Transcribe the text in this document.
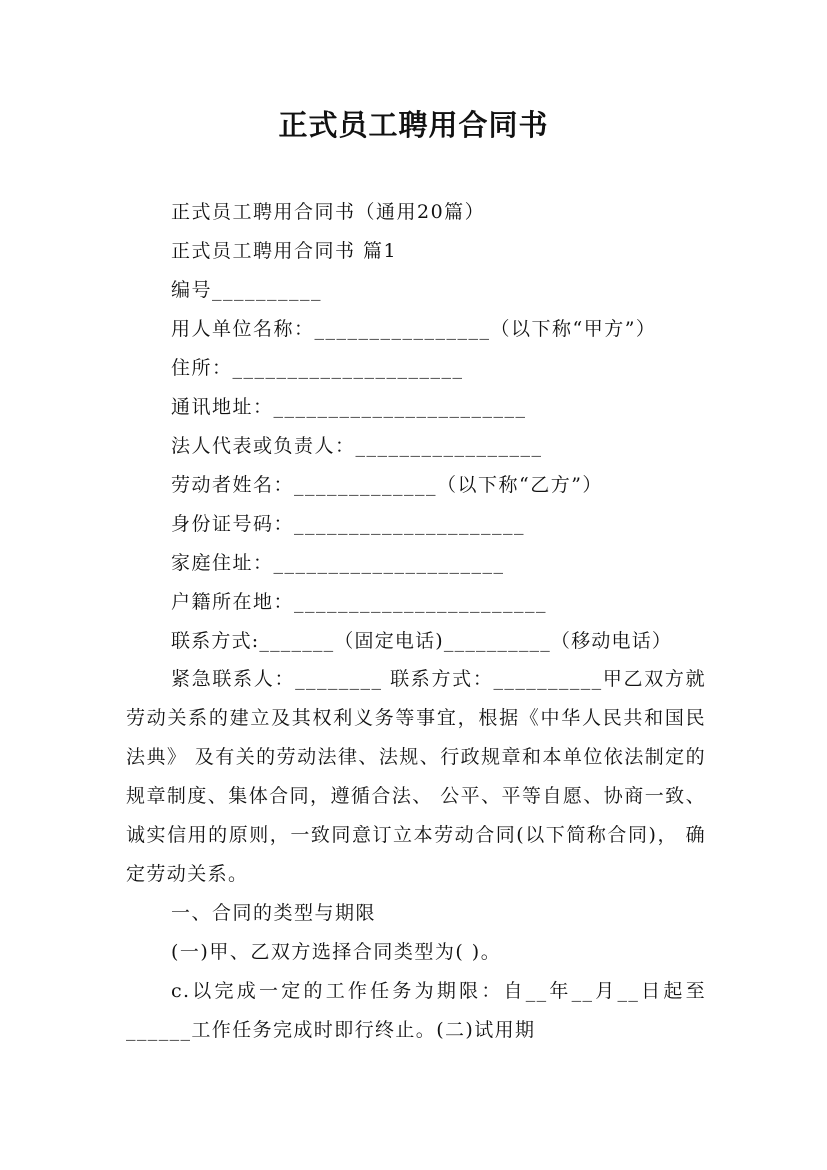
正式员工聘用合同书
正式员工聘用合同书（通用20篇）
正式员工聘用合同书 篇1
编号__________
用人单位名称：________________（以下称“甲方”）
住所：_____________________
通讯地址：_______________________
法人代表或负责人：_________________
劳动者姓名：_____________（以下称“乙方”）
身份证号码：_____________________
家庭住址：_____________________
户籍所在地：_______________________
联系方式:_______（固定电话)__________（移动电话）
紧急联系人：________ 联系方式：__________甲乙双方就劳动关系的建立及其权利义务等事宜，根据《中华人民共和国民法典》 及有关的劳动法律、法规、行政规章和本单位依法制定的规章制度、集体合同，遵循合法、 公平、平等自愿、协商一致、诚实信用的原则，一致同意订立本劳动合同(以下简称合同)， 确定劳动关系。
一、合同的类型与期限
(一)甲、乙双方选择合同类型为( )。
c.以完成一定的工作任务为期限：自__年__月__日起至______工作任务完成时即行终止。(二)试用期
